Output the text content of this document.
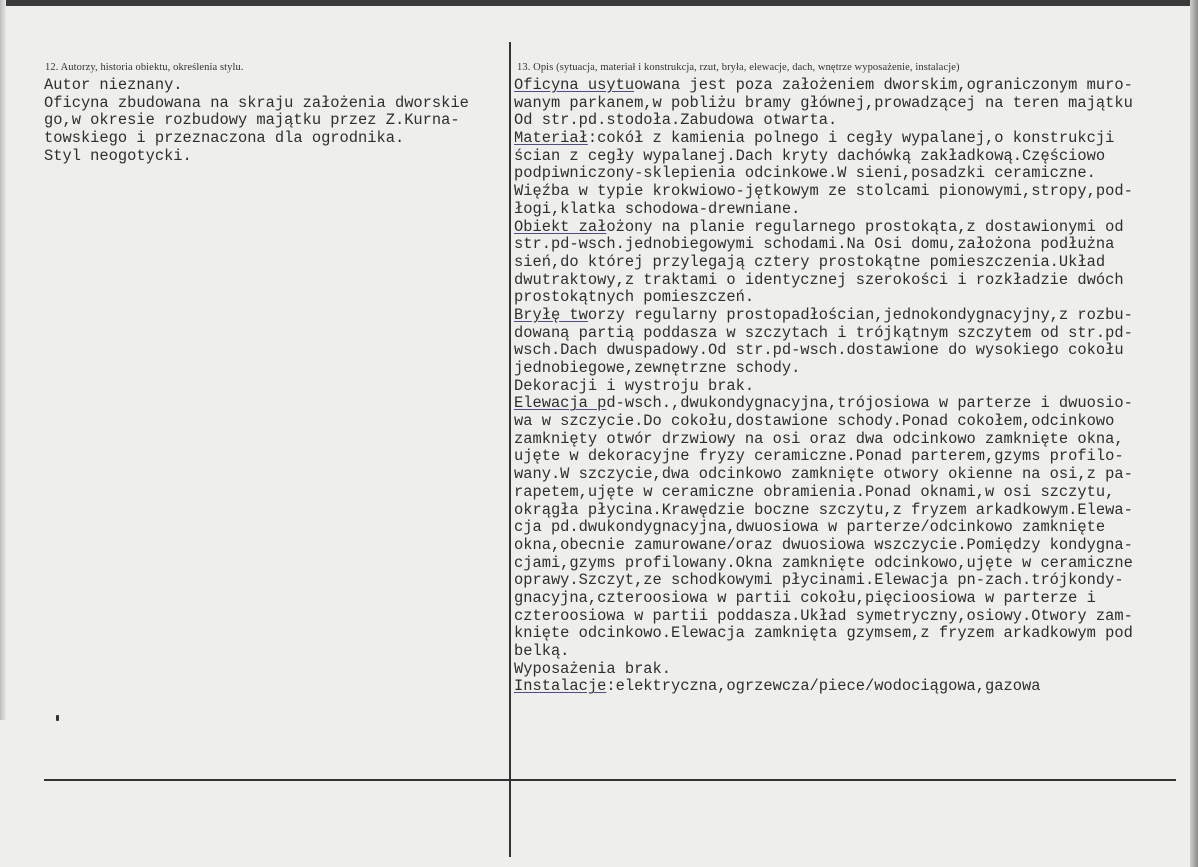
12. Autorzy, historia obiektu, określenia stylu.	13. Opis (sytuacja, materiał i konstrukcja, rzut, bryła, elewacje, dach, wnętrze wyposażenie, instalacje)
Autor nieznany.
Oficyna zbudowana na skraju założenia dworskie
go,w okresie rozbudowy majątku przez Z.Kurna-
towskiego i przeznaczona dla ogrodnika.
Styl neogotycki.
Oficyna usytuowana jest poza założeniem dworskim,ograniczonym muro-
wanym parkanem,w pobliżu bramy głównej,prowadzącej na teren majątku
Od str.pd.stodoła.Zabudowa otwarta.
Materiał:cokół z kamienia polnego i cegły wypalanej,o konstrukcji
ścian z cegły wypalanej.Dach kryty dachówką zakładkową.Częściowo
podpiwniczony-sklepienia odcinkowe.W sieni,posadzki ceramiczne.
Więźba w typie krokwiowo-jętkowym ze stolcami pionowymi,stropy,pod-
łogi,klatka schodowa-drewniane.
Obiekt założony na planie regularnego prostokąta,z dostawionymi od
str.pd-wsch.jednobiegowymi schodami.Na Osi domu,założona podłużna
sień,do której przylegają cztery prostokątne pomieszczenia.Układ
dwutraktowy,z traktami o identycznej szerokości i rozkładzie dwóch
prostokątnych pomieszczeń.
Bryłę tworzy regularny prostopadłościan,jednokondygnacyjny,z rozbu-
dowaną partią poddasza w szczytach i trójkątnym szczytem od str.pd-
wsch.Dach dwuspadowy.Od str.pd-wsch.dostawione do wysokiego cokołu
jednobiegowe,zewnętrzne schody.
Dekoracji i wystroju brak.
Elewacja pd-wsch.,dwukondygnacyjna,trójosiowa w parterze i dwuosio-
wa w szczycie.Do cokołu,dostawione schody.Ponad cokołem,odcinkowo
zamknięty otwór drzwiowy na osi oraz dwa odcinkowo zamknięte okna,
ujęte w dekoracyjne fryzy ceramiczne.Ponad parterem,gzyms profilo-
wany.W szczycie,dwa odcinkowo zamknięte otwory okienne na osi,z pa-
rapetem,ujęte w ceramiczne obramienia.Ponad oknami,w osi szczytu,
okrągła płycina.Krawędzie boczne szczytu,z fryzem arkadkowym.Elewa-
cja pd.dwukondygnacyjna,dwuosiowa w parterze/odcinkowo zamknięte
okna,obecnie zamurowane/oraz dwuosiowa wszczycie.Pomiędzy kondygna-
cjami,gzyms profilowany.Okna zamknięte odcinkowo,ujęte w ceramiczne
oprawy.Szczyt,ze schodkowymi płycinami.Elewacja pn-zach.trójkondy-
gnacyjna,czteroosiowa w partii cokołu,pięcioosiowa w parterze i
czteroosiowa w partii poddasza.Układ symetryczny,osiowy.Otwory zam-
knięte odcinkowo.Elewacja zamknięta gzymsem,z fryzem arkadkowym pod
belką.
Wyposażenia brak.
Instalacje:elektryczna,ogrzewcza/piece/wodociągowa,gazowa
